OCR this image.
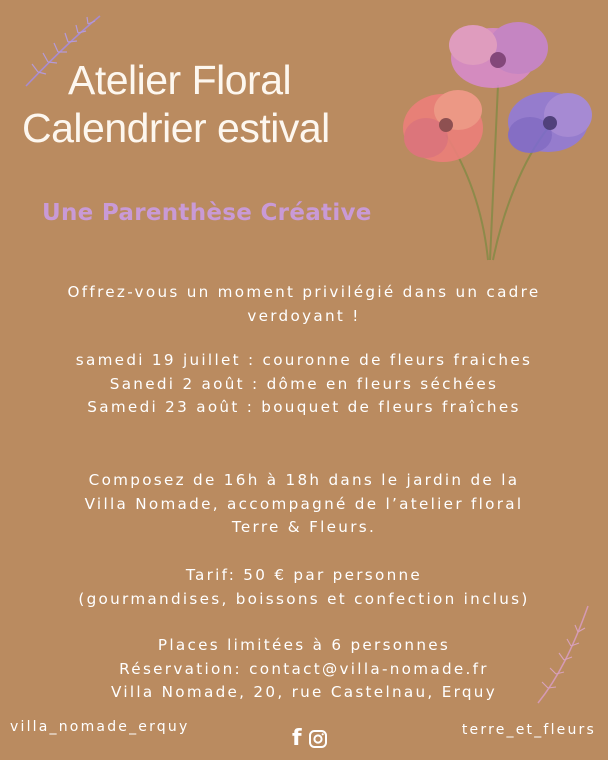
Atelier Floral
Calendrier estival
Une Parenthèse Créative
Offrez-vous un moment privilégié dans un cadre
verdoyant !
samedi 19 juillet : couronne de fleurs fraiches
Sanedi 2 août : dôme en fleurs séchées
Samedi 23 août : bouquet de fleurs fraîches
Composez de 16h à 18h dans le jardin de la
Villa Nomade, accompagné de l’atelier floral
Terre & Fleurs.
Tarif: 50 € par personne
(gourmandises, boissons et confection inclus)
Places limitées à 6 personnes
Réservation: contact@villa-nomade.fr
Villa Nomade, 20, rue Castelnau, Erquy
villa_nomade_erquy	f	terre_et_fleurs
